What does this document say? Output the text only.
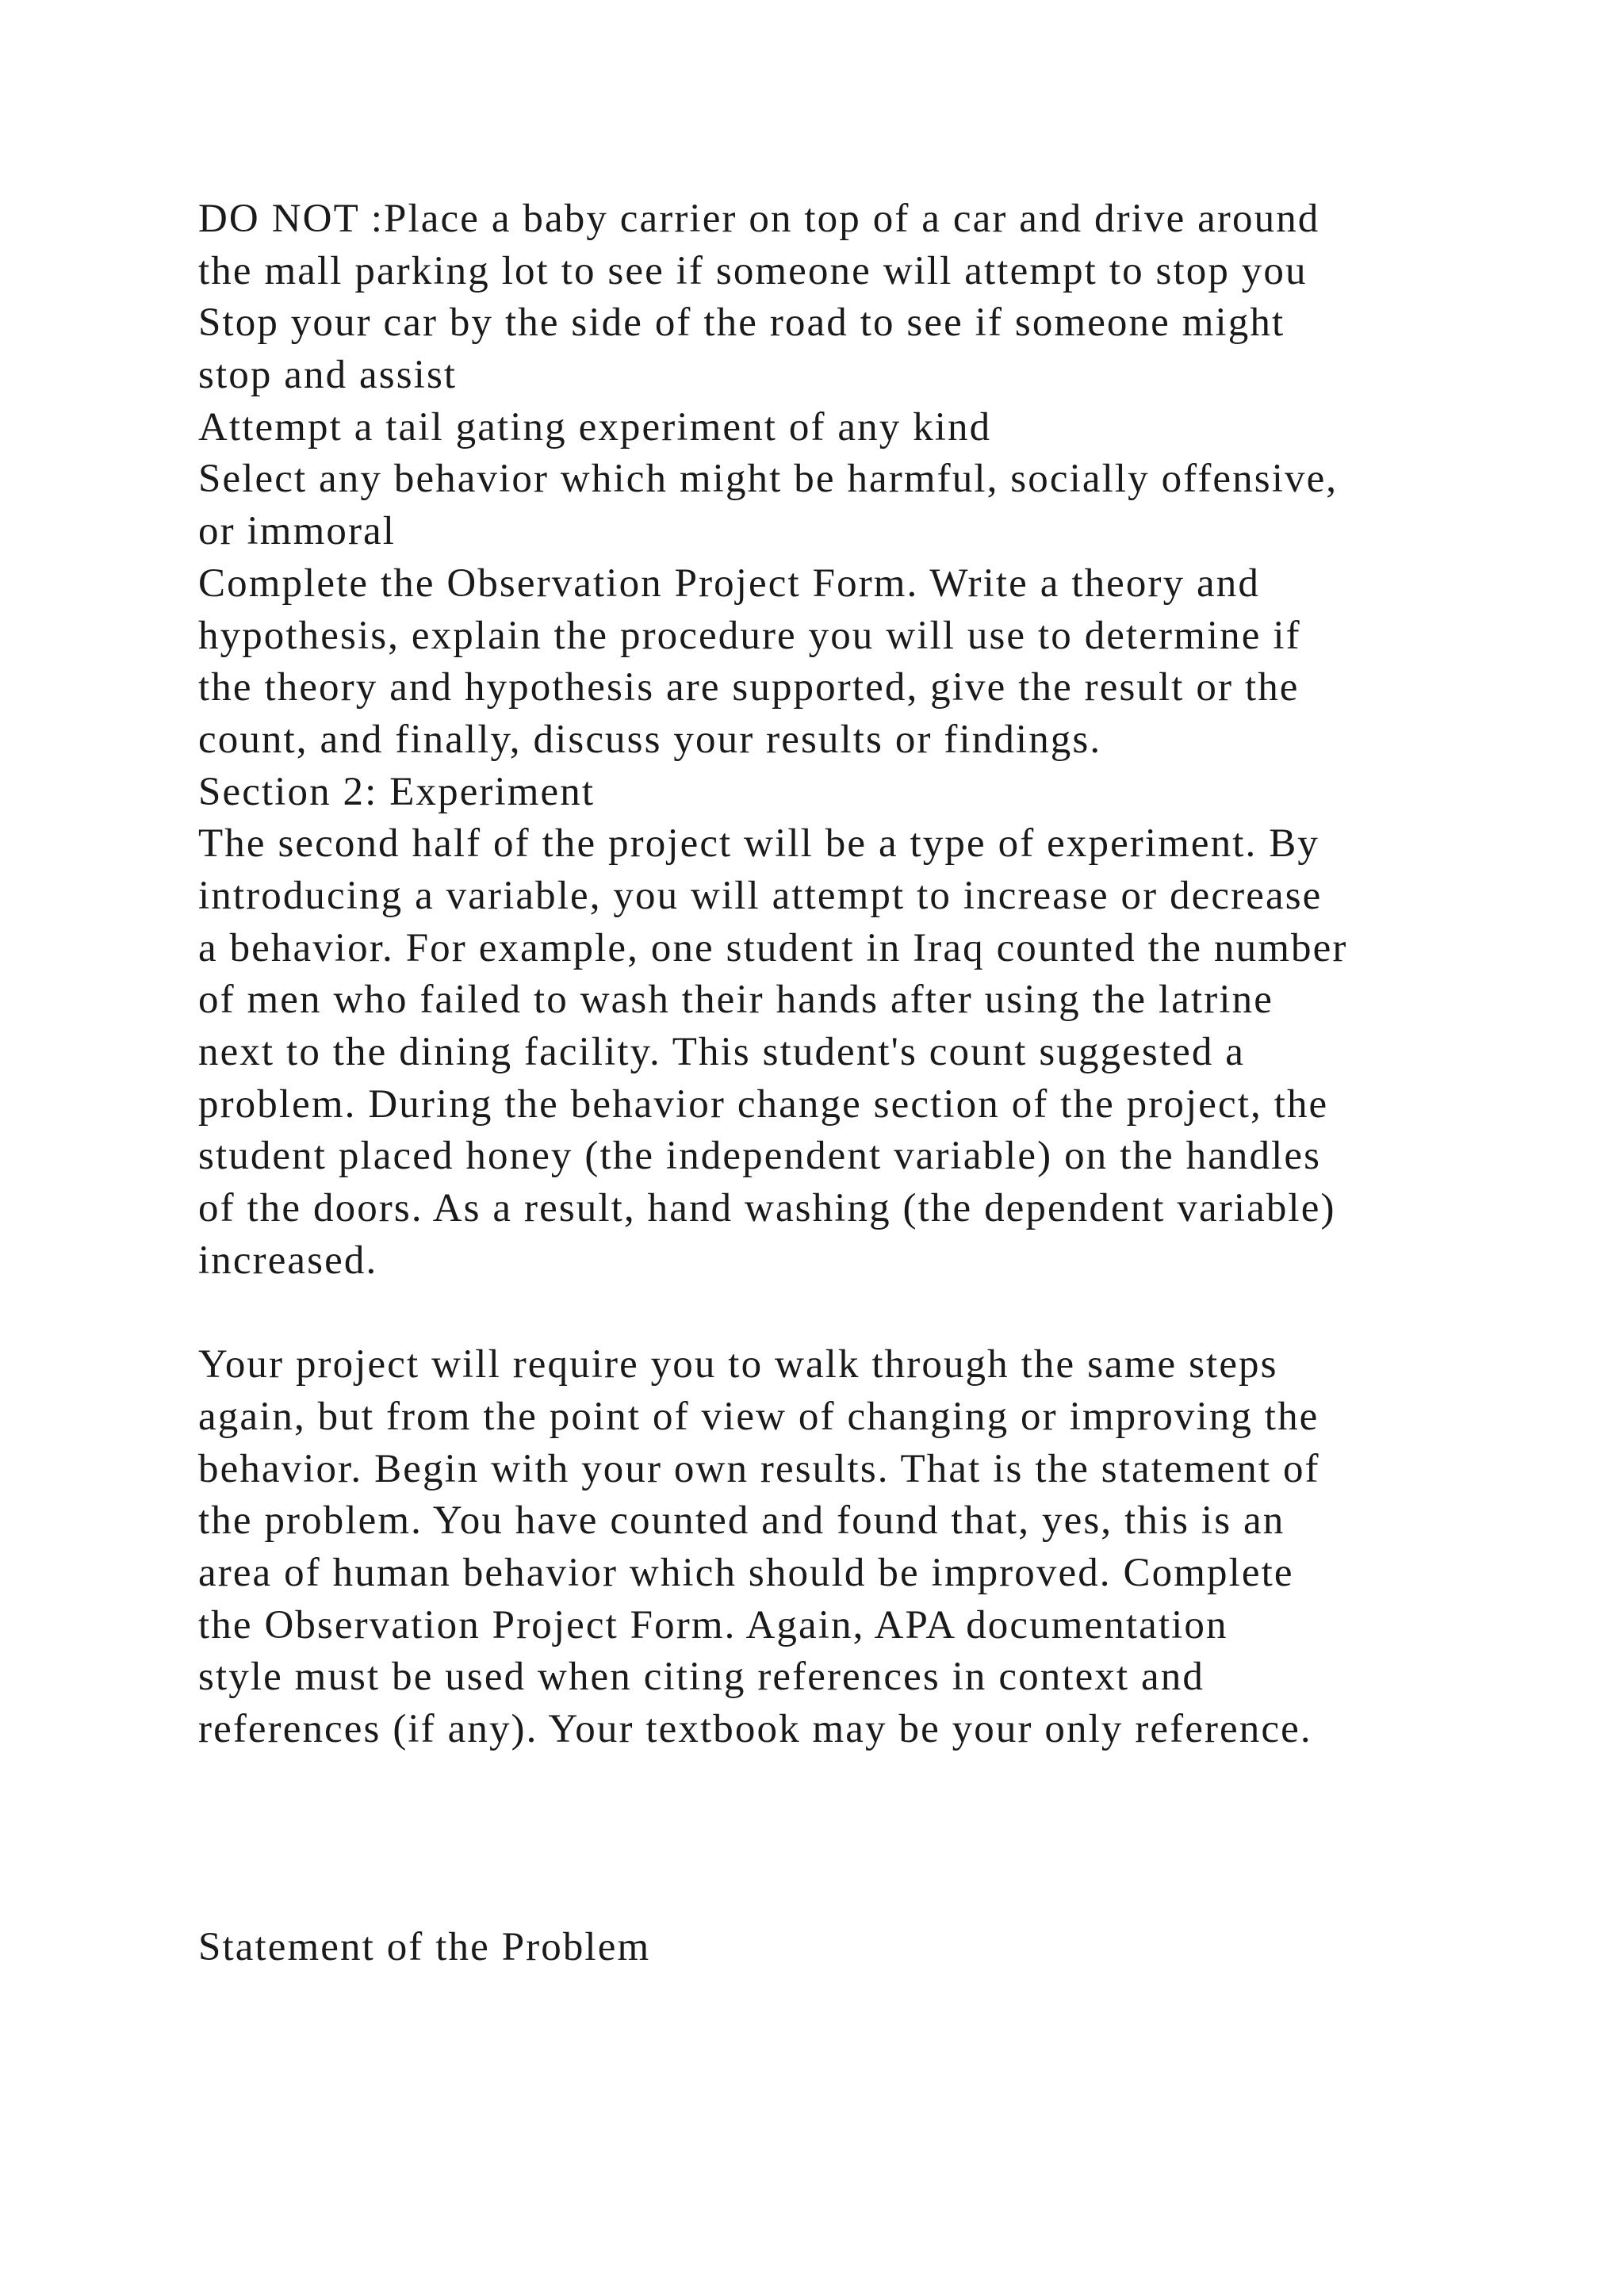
DO NOT :Place a baby carrier on top of a car and drive around
the mall parking lot to see if someone will attempt to stop you
Stop your car by the side of the road to see if someone might
stop and assist
Attempt a tail gating experiment of any kind
Select any behavior which might be harmful, socially offensive,
or immoral
Complete the Observation Project Form. Write a theory and
hypothesis, explain the procedure you will use to determine if
the theory and hypothesis are supported, give the result or the
count, and finally, discuss your results or findings.
Section 2: Experiment
The second half of the project will be a type of experiment. By
introducing a variable, you will attempt to increase or decrease
a behavior. For example, one student in Iraq counted the number
of men who failed to wash their hands after using the latrine
next to the dining facility. This student's count suggested a
problem. During the behavior change section of the project, the
student placed honey (the independent variable) on the handles
of the doors. As a result, hand washing (the dependent variable)
increased.
Your project will require you to walk through the same steps
again, but from the point of view of changing or improving the
behavior. Begin with your own results. That is the statement of
the problem. You have counted and found that, yes, this is an
area of human behavior which should be improved. Complete
the Observation Project Form. Again, APA documentation
style must be used when citing references in context and
references (if any). Your textbook may be your only reference.
Statement of the Problem
